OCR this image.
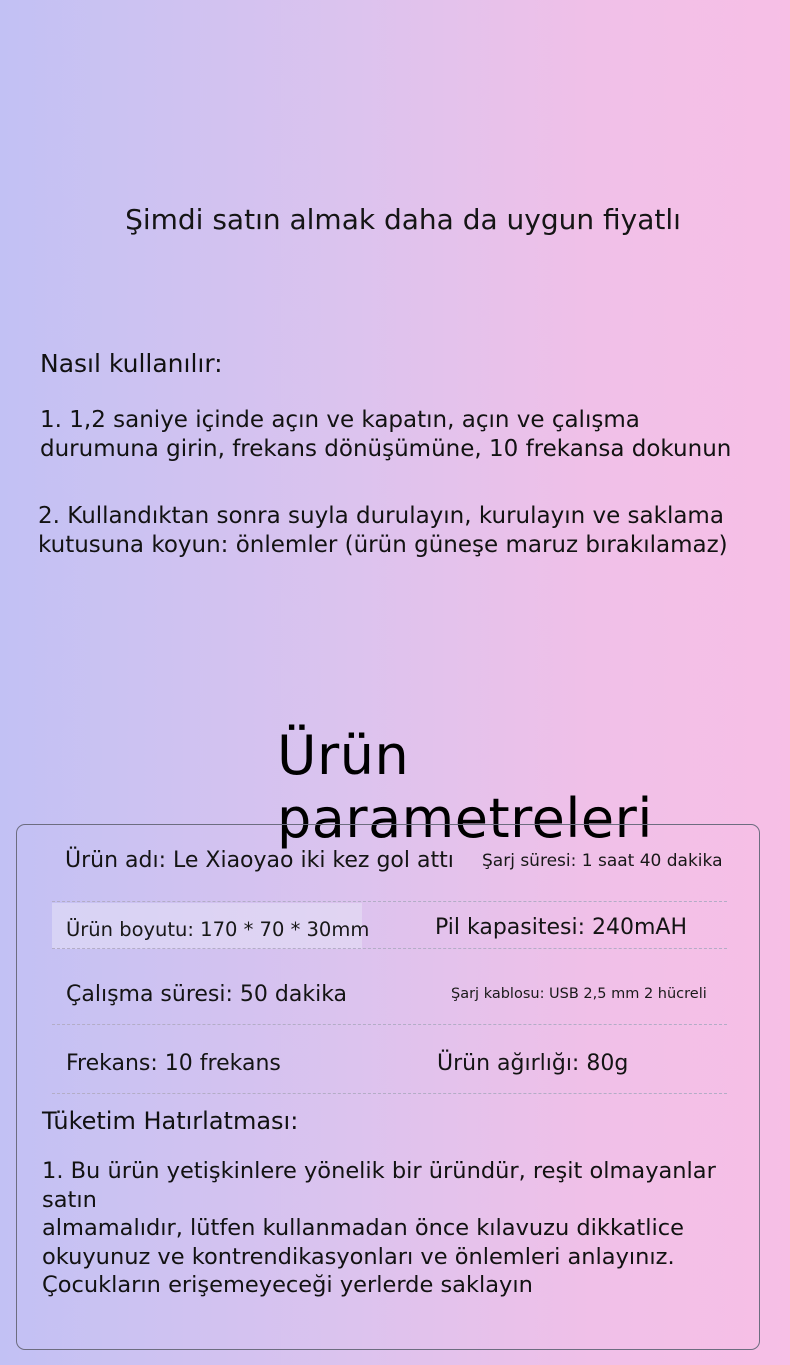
Şimdi satın almak daha da uygun fiyatlı
Nasıl kullanılır:
1. 1,2 saniye içinde açın ve kapatın, açın ve çalışma
durumuna girin, frekans dönüşümüne, 10 frekansa dokunun
2. Kullandıktan sonra suyla durulayın, kurulayın ve saklama
kutusuna koyun: önlemler (ürün güneşe maruz bırakılamaz)
Ürün parametreleri
Ürün adı: Le Xiaoyao iki kez gol attı Şarj süresi: 1 saat 40 dakika
Ürün boyutu: 170 * 70 * 30mm	Pil kapasitesi: 240mAH
Çalışma süresi: 50 dakika	Şarj kablosu: USB 2,5 mm 2 hücreli
Frekans: 10 frekans	Ürün ağırlığı: 80g
Tüketim Hatırlatması:
1. Bu ürün yetişkinlere yönelik bir üründür, reşit olmayanlar satın
almamalıdır, lütfen kullanmadan önce kılavuzu dikkatlice
okuyunuz ve kontrendikasyonları ve önlemleri anlayınız.
Çocukların erişemeyeceği yerlerde saklayın
